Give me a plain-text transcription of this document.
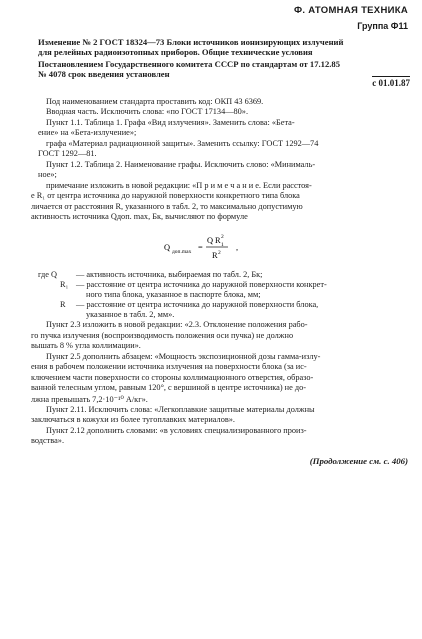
Ф. АТОМНАЯ ТЕХНИКА
Группа Ф11
Изменение № 2 ГОСТ 18324—73 Блоки источников ионизирующих излучений
для релейных радиоизотопных приборов. Общие технические условия
Постановлением Государственного комитета СССР по стандартам от 17.12.85
№ 4078 срок введения установлен
с 01.01.87
Под наименованием стандарта проставить код: ОКП 43 6369.
Вводная часть. Исключить слова: «по ГОСТ 17134—80».
Пункт 1.1. Таблица 1. Графа «Вид излучения». Заменить слова: «Бета-
ение» на «Бета-излучение»;
графа «Материал радиационной защиты». Заменить ссылку: ГОСТ 1292—74
ГОСТ 1292—81.
Пункт 1.2. Таблица 2. Наименование графы. Исключить слово: «Минималь-
ное»;
примечание изложить в новой редакции: «П р и м е ч а н и е. Если расстоя-
е R₁ от центра источника до наружной поверхности конкретного типа блока
личается от расстояния R, указанного в табл. 2, то максимально допустимую
активность источника Qдоп. max, Бк, вычисляют по формуле
Q доп.max =
Q R 2
1
R 2
,
где Q — активность источника, выбираемая по табл. 2, Бк;
R₁ — расстояние от центра источника до наружной поверхности конкрет-
ного типа блока, указанное в паспорте блока, мм;
R — расстояние от центра источника до наружной поверхности блока,
указанное в табл. 2, мм».
Пункт 2.3 изложить в новой редакции: «2.3. Отклонение положения рабо-
го пучка излучения (воспроизводимость положения оси пучка) не должно
вышать 8 % угла коллимации».
Пункт 2.5 дополнить абзацем: «Мощность экспозиционной дозы гамма-излу-
ения в рабочем положении источника излучения на поверхности блока (за ис-
ключением части поверхности со стороны коллимационного отверстия, образо-
ванной телесным углом, равным 120°, с вершиной в центре источника) не до-
лжна превышать 7,2·10⁻¹⁰ А/кг».
Пункт 2.11. Исключить слова: «Легкоплавкие защитные материалы должны
заключаться в кожухи из более тугоплавких материалов».
Пункт 2.12 дополнить словами: «в условиях специализированного произ-
водства».
(Продолжение см. с. 406)
